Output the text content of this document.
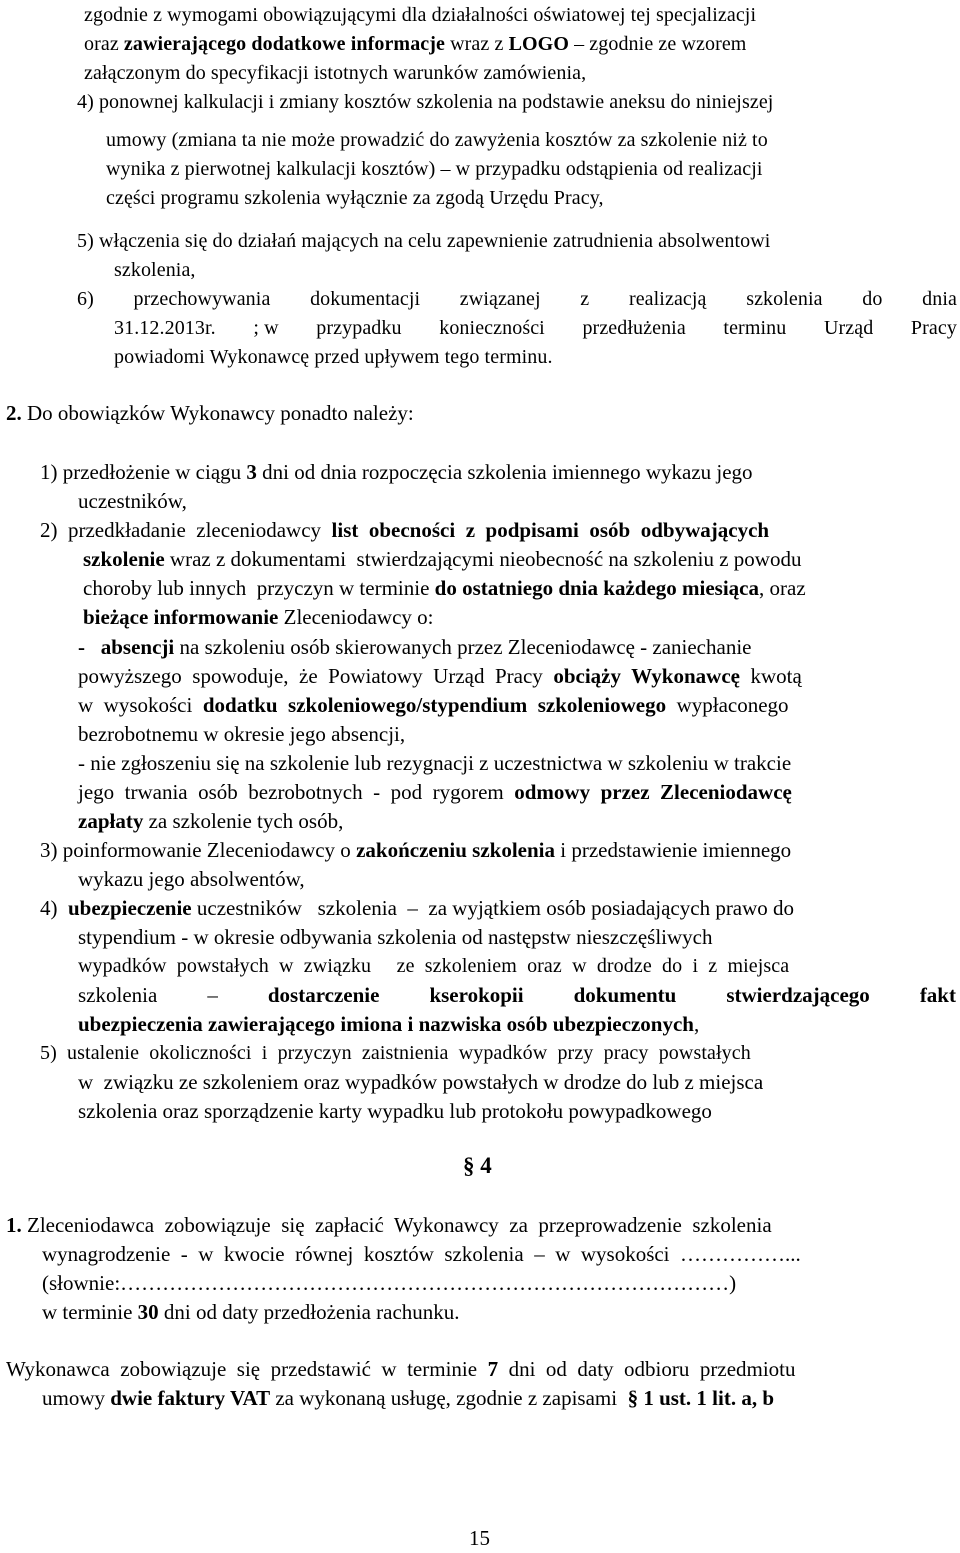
zgodnie z wymogami obowiązującymi dla działalności oświatowej tej specjalizacji
oraz zawierającego dodatkowe informacje wraz z LOGO – zgodnie ze wzorem
załączonym do specyfikacji istotnych warunków zamówienia,
4) ponownej kalkulacji i zmiany kosztów szkolenia na podstawie aneksu do niniejszej
umowy (zmiana ta nie może prowadzić do zawyżenia kosztów za szkolenie niż to
wynika z pierwotnej kalkulacji kosztów) – w przypadku odstąpienia od realizacji
części programu szkolenia wyłącznie za zgodą Urzędu Pracy,
5) włączenia się do działań mających na celu zapewnienie zatrudnienia absolwentowi
szkolenia,
6) przechowywania dokumentacji związanej z realizacją szkolenia do dnia
31.12.2013r. ; w przypadku konieczności przedłużenia terminu Urząd Pracy
powiadomi Wykonawcę przed upływem tego terminu.
2. Do obowiązków Wykonawcy ponadto należy:
1) przedłożenie w ciągu 3 dni od dnia rozpoczęcia szkolenia imiennego wykazu jego
uczestników,
2)  przedkładanie  zleceniodawcy  list  obecności  z  podpisami  osób  odbywających
szkolenie wraz z dokumentami  stwierdzającymi nieobecność na szkoleniu z powodu
choroby lub innych  przyczyn w terminie do ostatniego dnia każdego miesiąca, oraz
bieżące informowanie Zleceniodawcy o:
-   absencji na szkoleniu osób skierowanych przez Zleceniodawcę - zaniechanie
powyższego  spowoduje,  że  Powiatowy  Urząd  Pracy  obciąży  Wykonawcę  kwotą
w  wysokości  dodatku  szkoleniowego/stypendium  szkoleniowego  wypłaconego
bezrobotnemu w okresie jego absencji,
- nie zgłoszeniu się na szkolenie lub rezygnacji z uczestnictwa w szkoleniu w trakcie
jego  trwania  osób  bezrobotnych  -  pod  rygorem  odmowy  przez  Zleceniodawcę
zapłaty za szkolenie tych osób,
3) poinformowanie Zleceniodawcy o zakończeniu szkolenia i przedstawienie imiennego
wykazu jego absolwentów,
4)  ubezpieczenie uczestników   szkolenia  –  za wyjątkiem osób posiadających prawo do
stypendium - w okresie odbywania szkolenia od następstw nieszczęśliwych
wypadków  powstałych  w  związku     ze  szkoleniem  oraz  w  drodze  do  i  z  miejsca
szkolenia – dostarczenie kserokopii dokumentu stwierdzającego fakt
ubezpieczenia zawierającego imiona i nazwiska osób ubezpieczonych,
5)  ustalenie  okoliczności  i  przyczyn  zaistnienia  wypadków  przy  pracy  powstałych
w  związku ze szkoleniem oraz wypadków powstałych w drodze do lub z miejsca
szkolenia oraz sporządzenie karty wypadku lub protokołu powypadkowego
§ 4
1. Zleceniodawca  zobowiązuje  się  zapłacić  Wykonawcy  za  przeprowadzenie  szkolenia
wynagrodzenie  -  w  kwocie  równej  kosztów  szkolenia  –  w  wysokości  ……………...
(słownie:……………………………………………………………………………)
w terminie 30 dni od daty przedłożenia rachunku.
Wykonawca  zobowiązuje  się  przedstawić  w  terminie  7  dni  od  daty  odbioru  przedmiotu
umowy dwie faktury VAT za wykonaną usługę, zgodnie z zapisami  § 1 ust. 1 lit. a, b
15
